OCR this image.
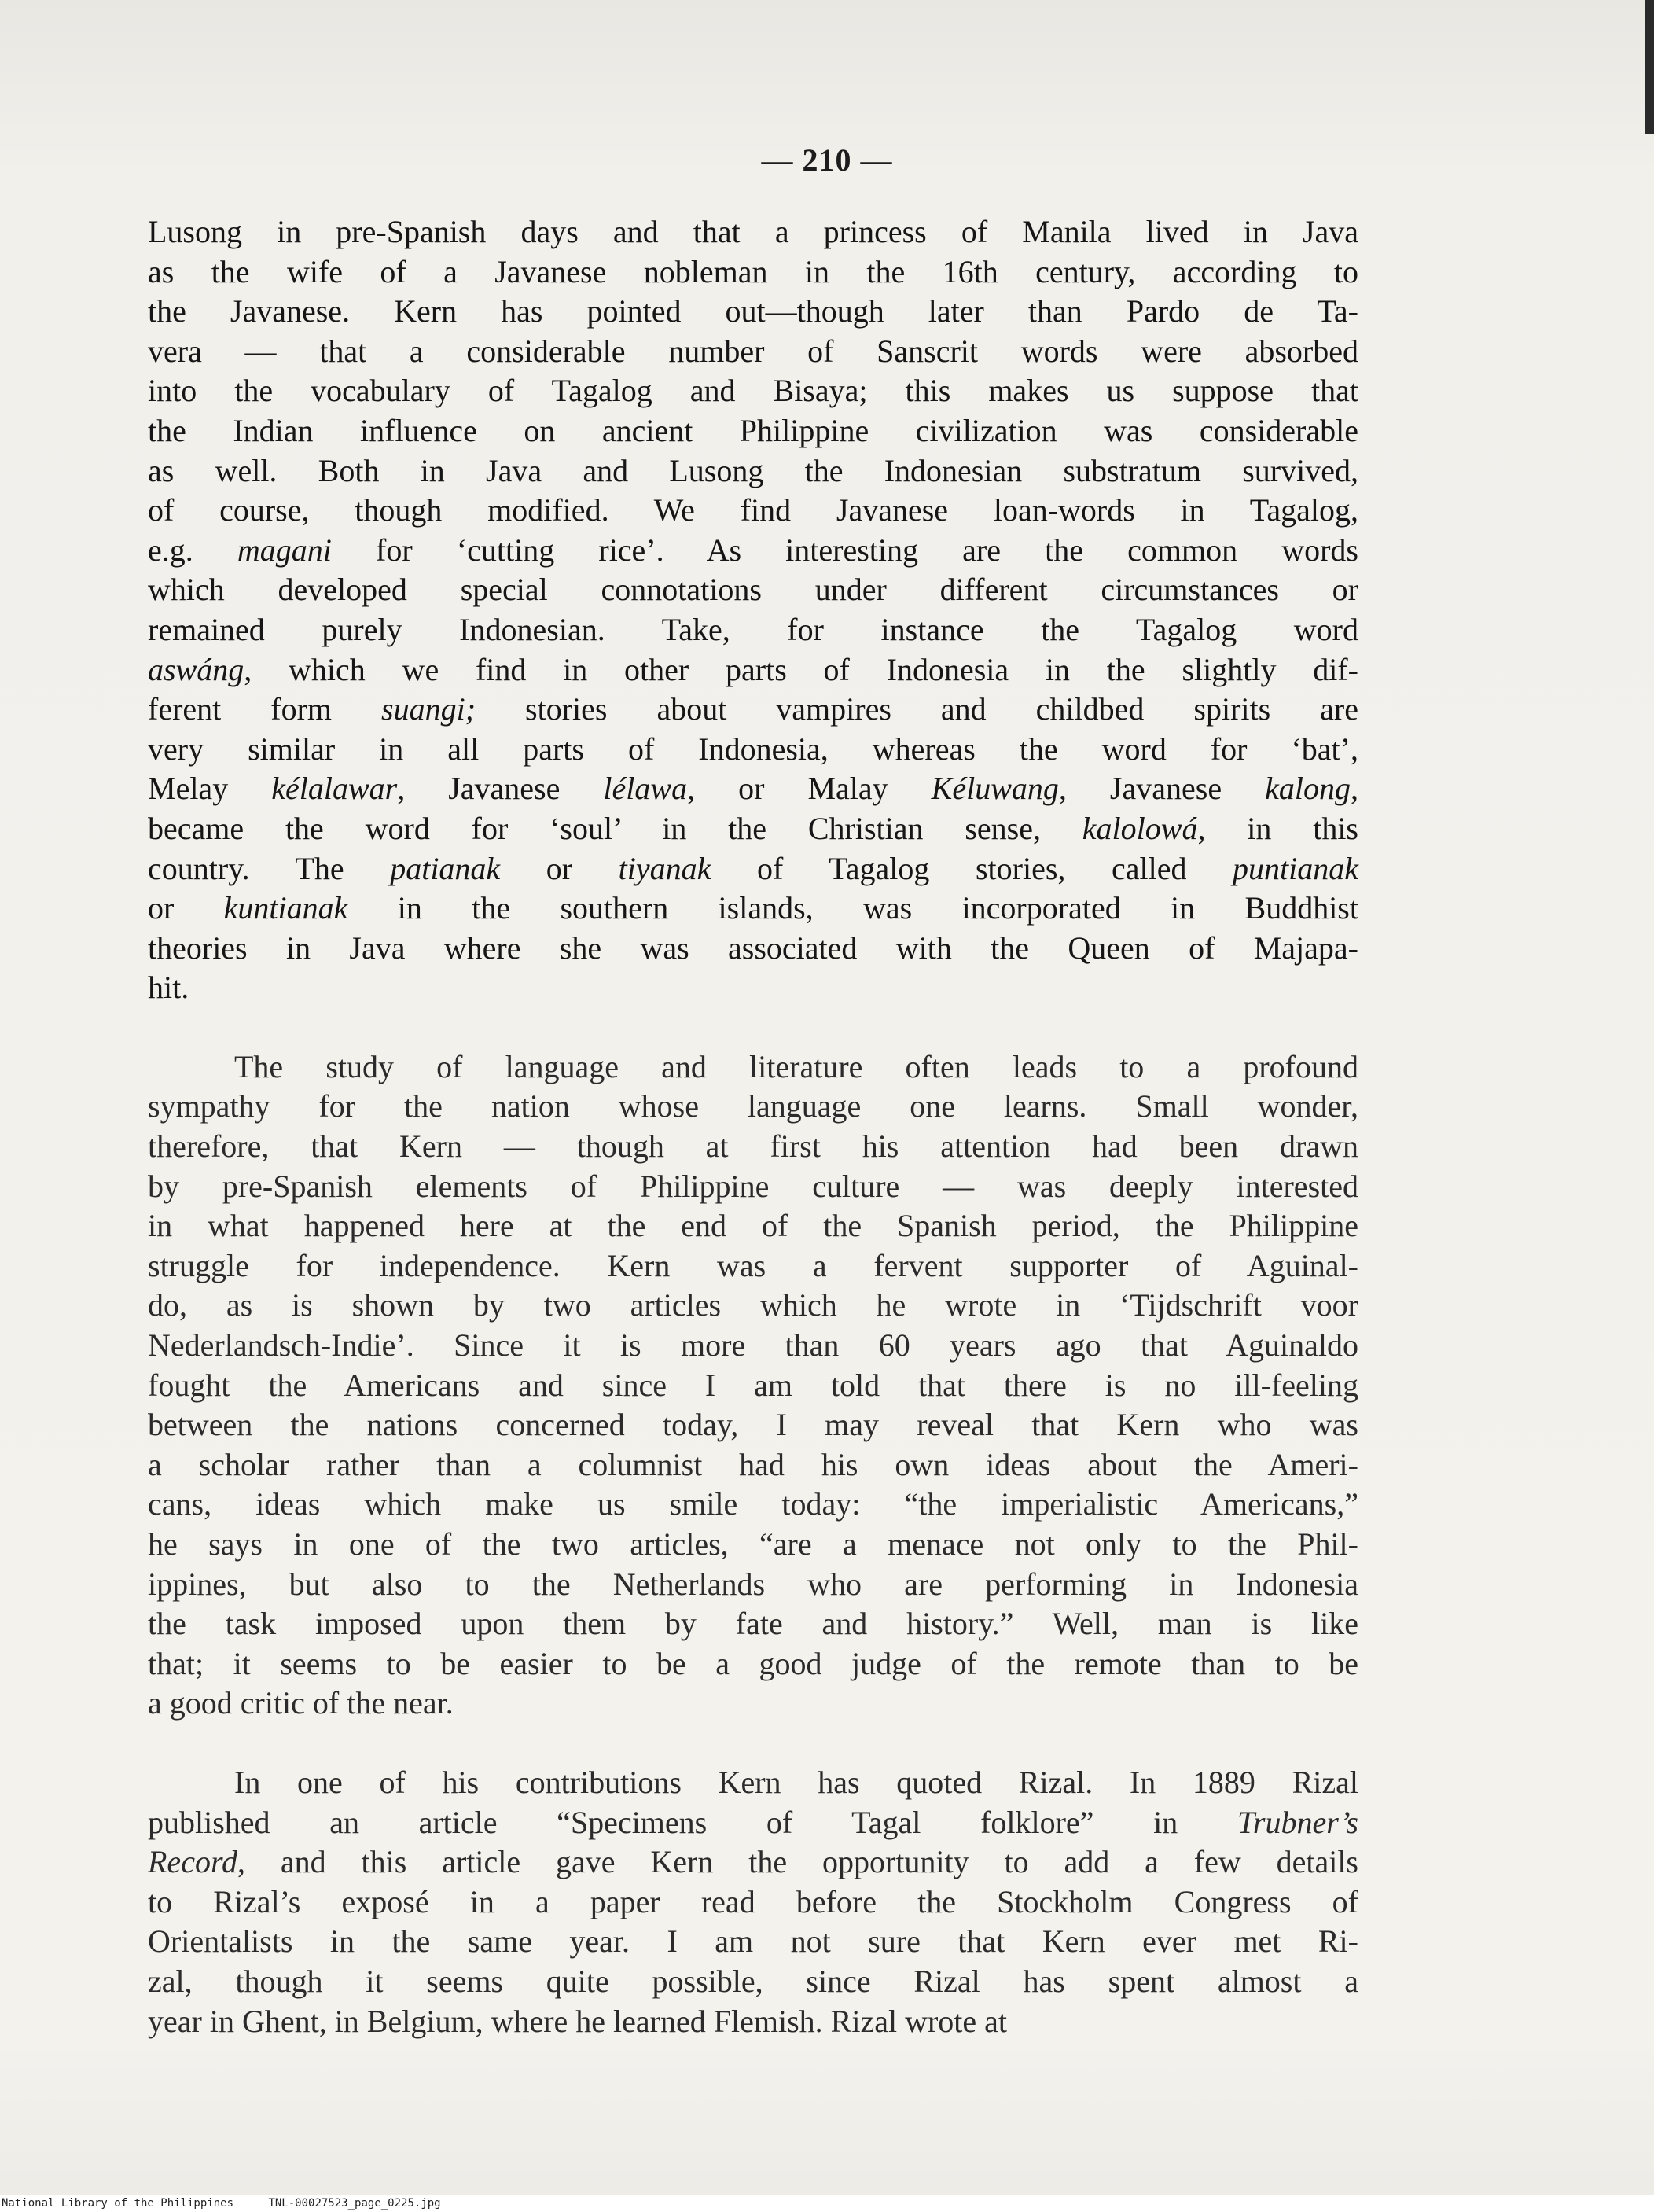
— 210 —
Lusong in pre-Spanish days and that a princess of Manila lived in Java
as the wife of a Javanese nobleman in the 16th century, according to
the Javanese. Kern has pointed out—though later than Pardo de Ta-
vera — that a considerable number of Sanscrit words were absorbed
into the vocabulary of Tagalog and Bisaya; this makes us suppose that
the Indian influence on ancient Philippine civilization was considerable
as well. Both in Java and Lusong the Indonesian substratum survived,
of course, though modified. We find Javanese loan-words in Tagalog,
e.g. magani for ‘cutting rice’. As interesting are the common words
which developed special connotations under different circumstances or
remained purely Indonesian. Take, for instance the Tagalog word
aswáng, which we find in other parts of Indonesia in the slightly dif-
ferent form suangi; stories about vampires and childbed spirits are
very similar in all parts of Indonesia, whereas the word for ‘bat’,
Melay kélalawar, Javanese lélawa, or Malay Kéluwang, Javanese kalong,
became the word for ‘soul’ in the Christian sense, kalolowá, in this
country. The patianak or tiyanak of Tagalog stories, called puntianak
or kuntianak in the southern islands, was incorporated in Buddhist
theories in Java where she was associated with the Queen of Majapa-
hit.
The study of language and literature often leads to a profound
sympathy for the nation whose language one learns. Small wonder,
therefore, that Kern — though at first his attention had been drawn
by pre-Spanish elements of Philippine culture — was deeply interested
in what happened here at the end of the Spanish period, the Philippine
struggle for independence. Kern was a fervent supporter of Aguinal-
do, as is shown by two articles which he wrote in ‘Tijdschrift voor
Nederlandsch-Indie’. Since it is more than 60 years ago that Aguinaldo
fought the Americans and since I am told that there is no ill-feeling
between the nations concerned today, I may reveal that Kern who was
a scholar rather than a columnist had his own ideas about the Ameri-
cans, ideas which make us smile today: “the imperialistic Americans,”
he says in one of the two articles, “are a menace not only to the Phil-
ippines, but also to the Netherlands who are performing in Indonesia
the task imposed upon them by fate and history.” Well, man is like
that; it seems to be easier to be a good judge of the remote than to be
a good critic of the near.
In one of his contributions Kern has quoted Rizal. In 1889 Rizal
published an article “Specimens of Tagal folklore” in Trubner’s
Record, and this article gave Kern the opportunity to add a few details
to Rizal’s exposé in a paper read before the Stockholm Congress of
Orientalists in the same year. I am not sure that Kern ever met Ri-
zal, though it seems quite possible, since Rizal has spent almost a
year in Ghent, in Belgium, where he learned Flemish. Rizal wrote at
National Library of the Philippines	TNL-00027523_page_0225.jpg
